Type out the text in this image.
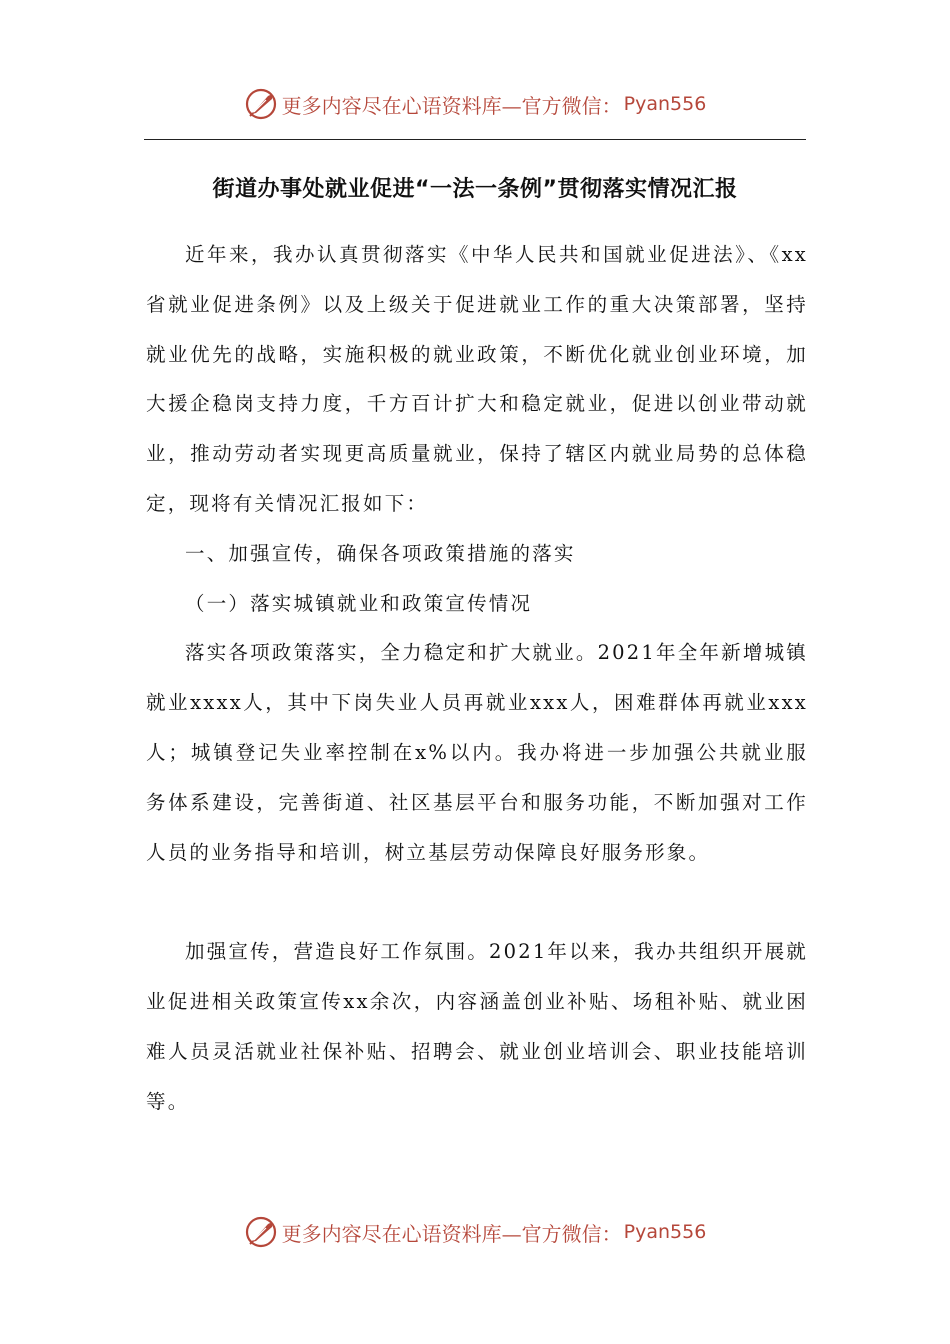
更多内容尽在心语资料库—官方微信： Pyan556
街道办事处就业促进“一法一条例”贯彻落实情况汇报

近年来，我办认真贯彻落实《中华人民共和国就业促进法》、《xx省就业促进条例》以及上级关于促进就业工作的重大决策部署，坚持就业优先的战略，实施积极的就业政策，不断优化就业创业环境，加大援企稳岗支持力度，千方百计扩大和稳定就业，促进以创业带动就业，推动劳动者实现更高质量就业，保持了辖区内就业局势的总体稳定，现将有关情况汇报如下：

一、加强宣传，确保各项政策措施的落实

（一）落实城镇就业和政策宣传情况

落实各项政策落实，全力稳定和扩大就业。2021年全年新增城镇就业xxxx人，其中下岗失业人员再就业xxx人，困难群体再就业xxx人；城镇登记失业率控制在x%以内。我办将进一步加强公共就业服务体系建设，完善街道、社区基层平台和服务功能，不断加强对工作人员的业务指导和培训，树立基层劳动保障良好服务形象。

加强宣传，营造良好工作氛围。2021年以来，我办共组织开展就业促进相关政策宣传xx余次，内容涵盖创业补贴、场租补贴、就业困难人员灵活就业社保补贴、招聘会、就业创业培训会、职业技能培训等。

更多内容尽在心语资料库—官方微信： Pyan556
